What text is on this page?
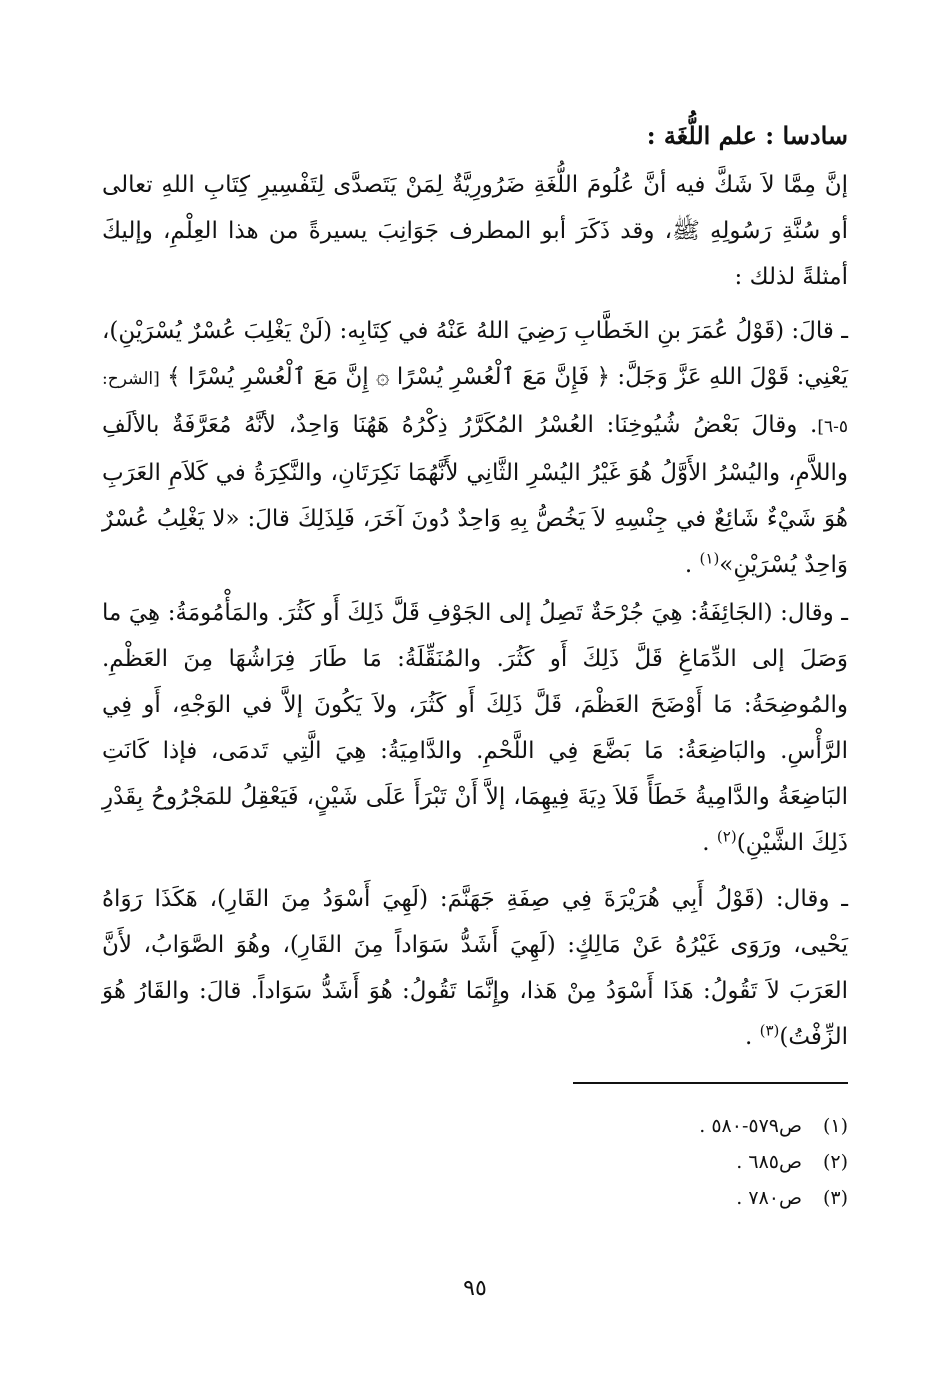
سادسا : علم اللُّغَة :

إنَّ مِمَّا لاَ شَكَّ فيه أنَّ عُلُومَ اللُّغَةِ ضَرُورِيَّةٌ لِمَنْ يَتَصدَّى لِتَفْسِيرِ كِتَابِ اللهِ تعالى أو سُنَّةِ رَسُولِهِ ﷺ، وقد ذَكَرَ أبو المطرف جَوَانِبَ يسيرةً من هذا العِلْمِ، وإليكَ أمثلةً لذلك :

ـ قالَ: (قَوْلُ عُمَرَ بنِ الخَطَّابِ رَضِيَ اللهُ عَنْهُ في كِتَابِه: (لَنْ يَغْلِبَ عُسْرٌ يُسْرَيْنِ)، يَعْنِي: قَوْلَ اللهِ عَزَّ وَجَلَّ: ﴿ فَإِنَّ مَعَ ٱلْعُسْرِ يُسْرًا ۞ إِنَّ مَعَ ٱلْعُسْرِ يُسْرًا ﴾ [الشرح: ٥-٦]. وقالَ بَعْضُ شُيُوخِنَا: العُسْرُ المُكَرَّرُ ذِكْرُهُ هَهُنَا وَاحِدٌ، لأنَّهُ مُعَرَّفَةٌ بالألَفِ واللاَّمِ، واليُسْرُ الأَوَّلُ هُوَ غَيْرُ اليُسْرِ الثَّانِي لأَنَّهُمَا نَكِرَتَانِ، والنَّكِرَةُ في كَلاَمِ العَرَبِ هُوَ شَيْءٌ شَائِعٌ في جِنْسِهِ لاَ يَخُصُّ بِهِ وَاحِدٌ دُونَ آخَرَ، فَلِذَلِكَ قالَ: «لا يَغْلِبُ عُسْرٌ وَاحِدٌ يُسْرَيْنِ»$^{(١)}$ .

ـ وقال: (الجَائِفَةُ: هِيَ جُرْحَةٌ تَصِلُ إلى الجَوْفِ قَلَّ ذَلِكَ أَو كَثُرَ. والمَأْمُومَةُ: هِيَ ما وَصَلَ إلى الدِّمَاغِ قَلَّ ذَلِكَ أَو كَثُرَ. والمُنَقِّلَةُ: مَا طَارَ فِرَاشُهَا مِنَ العَظْمِ. والمُوضِحَةُ: مَا أَوْضَحَ العَظْمَ، قَلَّ ذَلِكَ أَو كَثُرَ، ولاَ يَكُونَ إلاَّ في الوَجْهِ، أَو فِي الرَّأْسِ. والبَاضِعَةُ: مَا بَضَّعَ فِي اللَّحْمِ. والدَّامِيَةُ: هِيَ الَّتِي تَدمَى، فإذا كَانَتِ البَاضِعَةُ والدَّامِيةُ خَطَأً فَلاَ دِيَةَ فِيهِمَا، إلاَّ أَنْ تَبْرَأَ عَلَى شَيْنٍ، فَيَعْقِلُ للمَجْرُوحُ بِقَدْرِ ذَلِكَ الشَّيْنِ)$^{(٢)}$ .

ـ وقال: (قَوْلُ أَبِي هُرَيْرَةَ فِي صِفَةِ جَهَنَّمَ: (لَهِيَ أَسْوَدُ مِنَ القَارِ)، هَكَذَا رَوَاهُ يَحْيى، ورَوَى غَيْرُهُ عَنْ مَالِكٍ: (لَهِيَ أَشَدُّ سَوَاداً مِنَ القَارِ)، وهُوَ الصَّوَابُ، لأَنَّ العَرَبَ لاَ تَقُولُ: هَذَا أَسْوَدُ مِنْ هَذا، وإِنَّمَا تَقُولُ: هُوَ أَشَدُّ سَوَاداً. قالَ: والقَارُ هُوَ الزِّفْتُ)$^{(٣)}$ .

(١)ص٥٧٩-٥٨٠ .
(٢)ص٦٨٥ .
(٣)ص٧٨٠ .
٩٥
